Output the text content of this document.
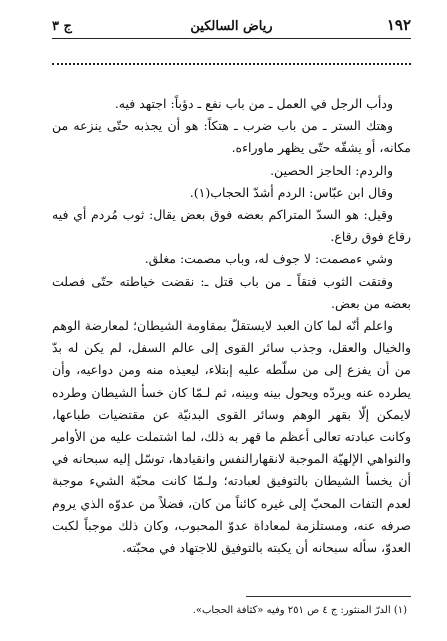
١٩٢
رياض السالكين
ج ٣

ودأب الرجل في العمل ـ من باب نفع ـ دؤباً: اجتهد فيه.

وهتك الستر ـ من باب ضرب ـ هتكاً: هو أن يجذبه حتّى ينزعه من مكانه، أو يشقّه حتّى يظهر ماوراءه.

والردم: الحاجز الحصين.

وقال ابن عبّاس: الردم أشدّ الحجاب(١).

وقيل: هو السدّ المتراكم بعضه فوق بعض يقال: ثوب مُردم أي فيه رقاع فوق رقاع.

وشي ءمصمت: لا جوف له، وباب مصمت: مغلق.

وفتقت الثوب فتقاً ـ من باب قتل ـ: نقضت خياطته حتّى فصلت بعضه من بعض.

واعلم أنّه لما كان العبد لايستقلّ بمقاومة الشيطان؛ لمعارضة الوهم والخيال والعقل، وجذب سائر القوى إلى عالم السفل، لم يكن له بدّ من أن يفزع إلى من سلّطه عليه إبتلاء، ليعيذه منه ومن دواعيه، وأن يطرده عنه ويردّه ويحول بينه وبينه، ثم لـمّا كان خسأ الشيطان وطرده لايمكن إلّا بقهر الوهم وسائر القوى البدنيّة عن مقتضيات طباعها، وكانت عبادته تعالى أعظم ما قهر به ذلك، لما اشتملت عليه من الأوامر والنواهي الإلهيّة الموجبة لانقهارالنفس وانقيادها، توسّل إليه سبحانه في أن يخسأ الشيطان بالتوفيق لعبادته؛ ولـمّا كانت محبّة الشيء موجبة لعدم التفات المحبّ إلى غيره كائناً من كان، فضلاً من عدوّه الذي يروم صرفه عنه، ومستلزمة لمعاداة عدوّ المحبوب، وكان ذلك موجباً لكبت العدوّ، سأله سبحانه أن يكبته بالتوفيق للاجتهاد في محبّته.

(١) الدرّ المنثور: ج ٤ ص ٢٥١ وفيه «كثافة الحجاب».
